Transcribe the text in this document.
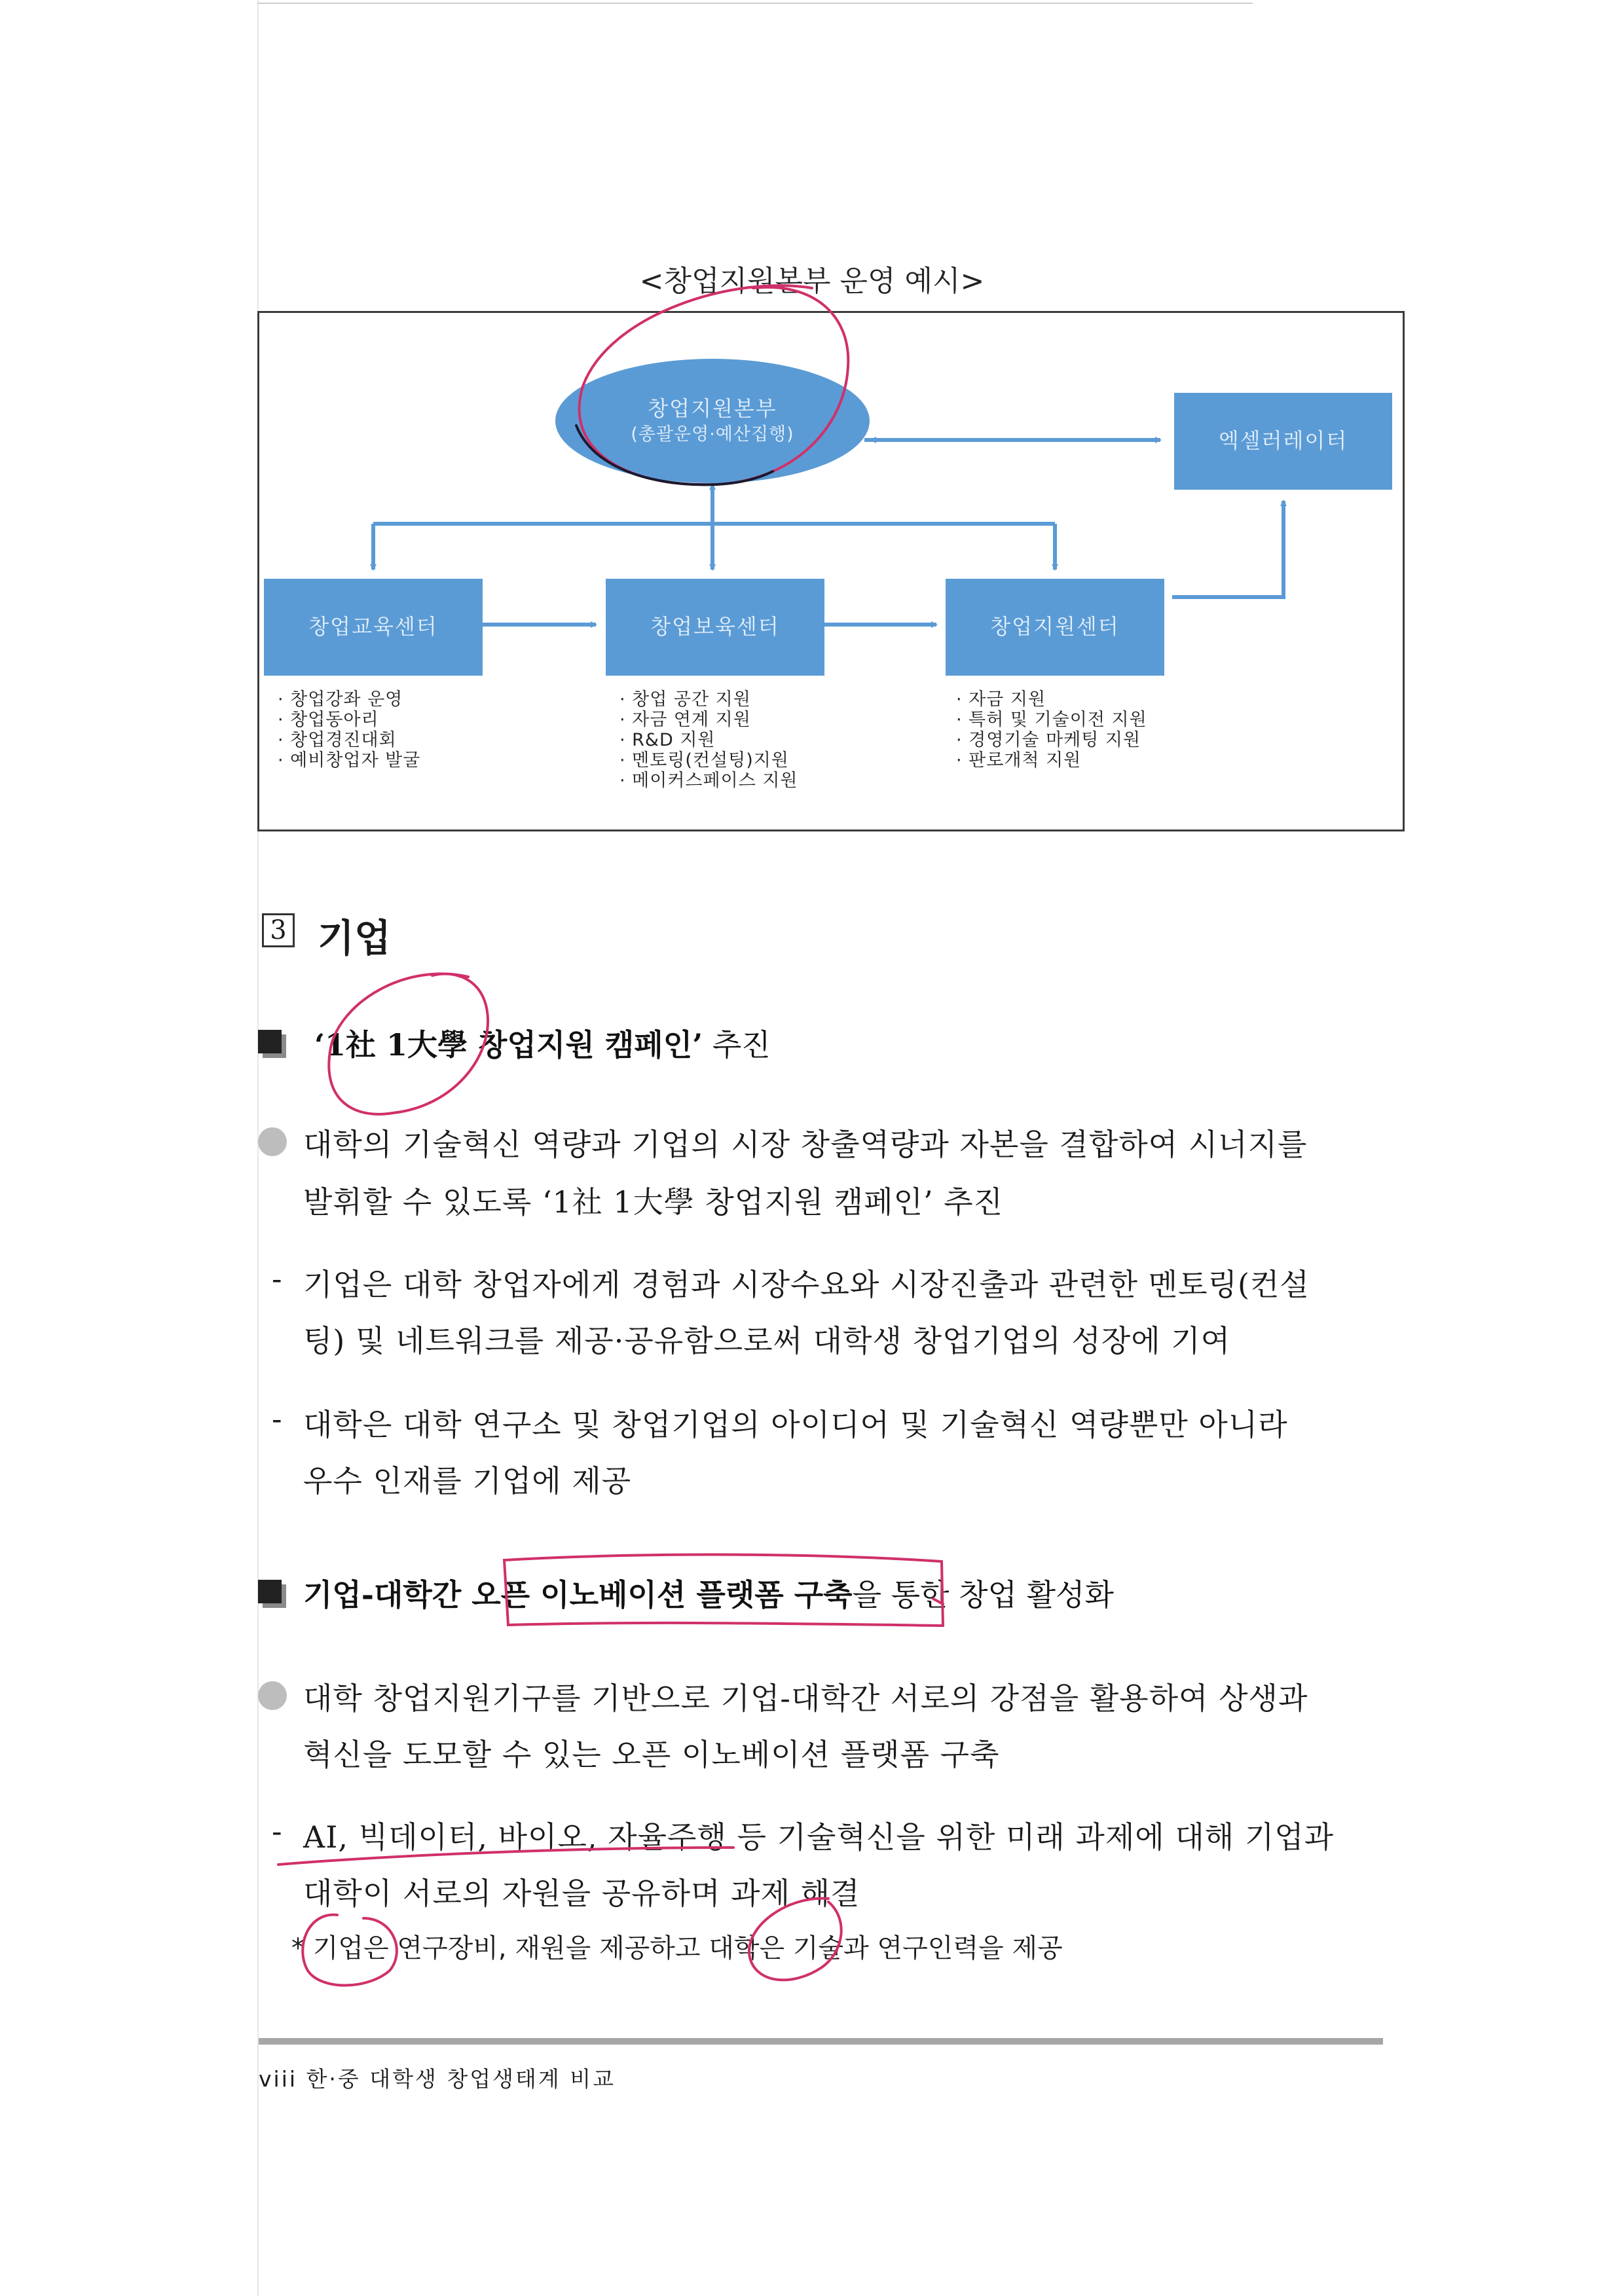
<창업지원본부 운영 예시>
창업지원본부
(총괄운영·예산집행)	엑셀러레이터
창업교육센터	창업보육센터	창업지원센터
· 창업강좌 운영
· 창업동아리
· 창업경진대회
· 예비창업자 발굴
· 창업 공간 지원
· 자금 연계 지원
· R&D 지원
· 멘토링(컨설팅)지원
· 메이커스페이스 지원
· 자금 지원
· 특허 및 기술이전 지원
· 경영기술 마케팅 지원
· 판로개척 지원
3 기업
‘1社 1大學 창업지원 캠페인’ 추진
대학의 기술혁신 역량과 기업의 시장 창출역량과 자본을 결합하여 시너지를
발휘할 수 있도록 ‘1社 1大學 창업지원 캠페인’ 추진
- 기업은 대학 창업자에게 경험과 시장수요와 시장진출과 관련한 멘토링(컨설
팅) 및 네트워크를 제공·공유함으로써 대학생 창업기업의 성장에 기여
- 대학은 대학 연구소 및 창업기업의 아이디어 및 기술혁신 역량뿐만 아니라
우수 인재를 기업에 제공
기업-대학간 오픈 이노베이션 플랫폼 구축을 통한 창업 활성화
대학 창업지원기구를 기반으로 기업-대학간 서로의 강점을 활용하여 상생과
혁신을 도모할 수 있는 오픈 이노베이션 플랫폼 구축
- AI, 빅데이터, 바이오, 자율주행 등 기술혁신을 위한 미래 과제에 대해 기업과
대학이 서로의 자원을 공유하며 과제 해결
* 기업은 연구장비, 재원을 제공하고 대학은 기술과 연구인력을 제공
viii 한·중 대학생 창업생태계 비교
